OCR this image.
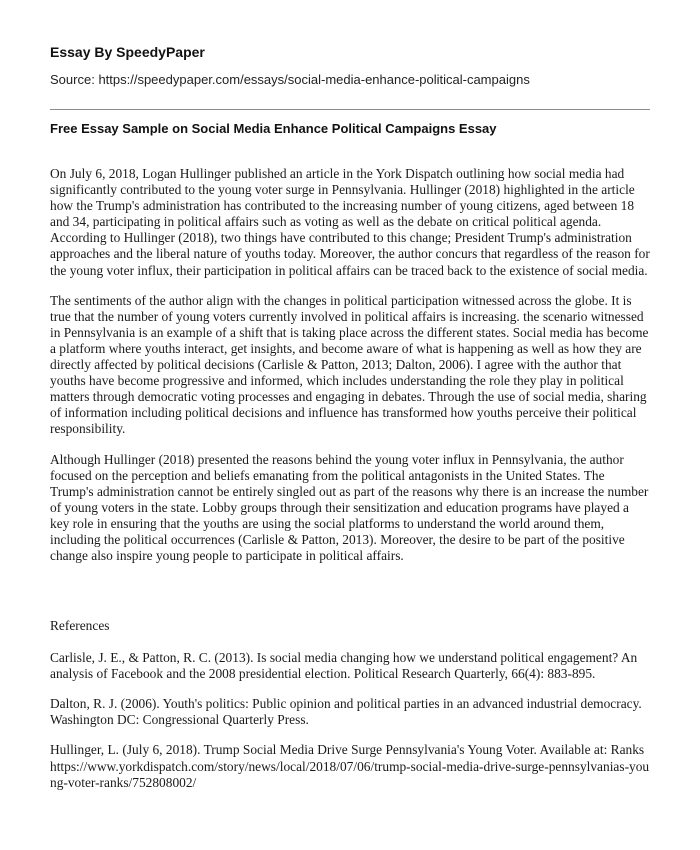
Essay By SpeedyPaper
Source: https://speedypaper.com/essays/social-media-enhance-political-campaigns
Free Essay Sample on Social Media Enhance Political Campaigns Essay

On July 6, 2018, Logan Hullinger published an article in the York Dispatch outlining how social media had significantly contributed to the young voter surge in Pennsylvania. Hullinger (2018) highlighted in the article how the Trump's administration has contributed to the increasing number of young citizens, aged between 18 and 34, participating in political affairs such as voting as well as the debate on critical political agenda. According to Hullinger (2018), two things have contributed to this change; President Trump's administration approaches and the liberal nature of youths today. Moreover, the author concurs that regardless of the reason for the young voter influx, their participation in political affairs can be traced back to the existence of social media.

The sentiments of the author align with the changes in political participation witnessed across the globe. It is true that the number of young voters currently involved in political affairs is increasing. the scenario witnessed in Pennsylvania is an example of a shift that is taking place across the different states. Social media has become a platform where youths interact, get insights, and become aware of what is happening as well as how they are directly affected by political decisions (Carlisle & Patton, 2013; Dalton, 2006). I agree with the author that youths have become progressive and informed, which includes understanding the role they play in political matters through democratic voting processes and engaging in debates. Through the use of social media, sharing of information including political decisions and influence has transformed how youths perceive their political responsibility.

Although Hullinger (2018) presented the reasons behind the young voter influx in Pennsylvania, the author focused on the perception and beliefs emanating from the political antagonists in the United States. The Trump's administration cannot be entirely singled out as part of the reasons why there is an increase the number of young voters in the state. Lobby groups through their sensitization and education programs have played a key role in ensuring that the youths are using the social platforms to understand the world around them, including the political occurrences (Carlisle & Patton, 2013). Moreover, the desire to be part of the positive change also inspire young people to participate in political affairs.

References

Carlisle, J. E., & Patton, R. C. (2013). Is social media changing how we understand political engagement? An analysis of Facebook and the 2008 presidential election. Political Research Quarterly, 66(4): 883-895.

Dalton, R. J. (2006). Youth's politics: Public opinion and political parties in an advanced industrial democracy. Washington DC: Congressional Quarterly Press.

Hullinger, L. (July 6, 2018). Trump Social Media Drive Surge Pennsylvania's Young Voter. Available at: Ranks
https://www.yorkdispatch.com/story/news/local/2018/07/06/trump-social-media-drive-surge-pennsylvanias-young-voter-ranks/752808002/
